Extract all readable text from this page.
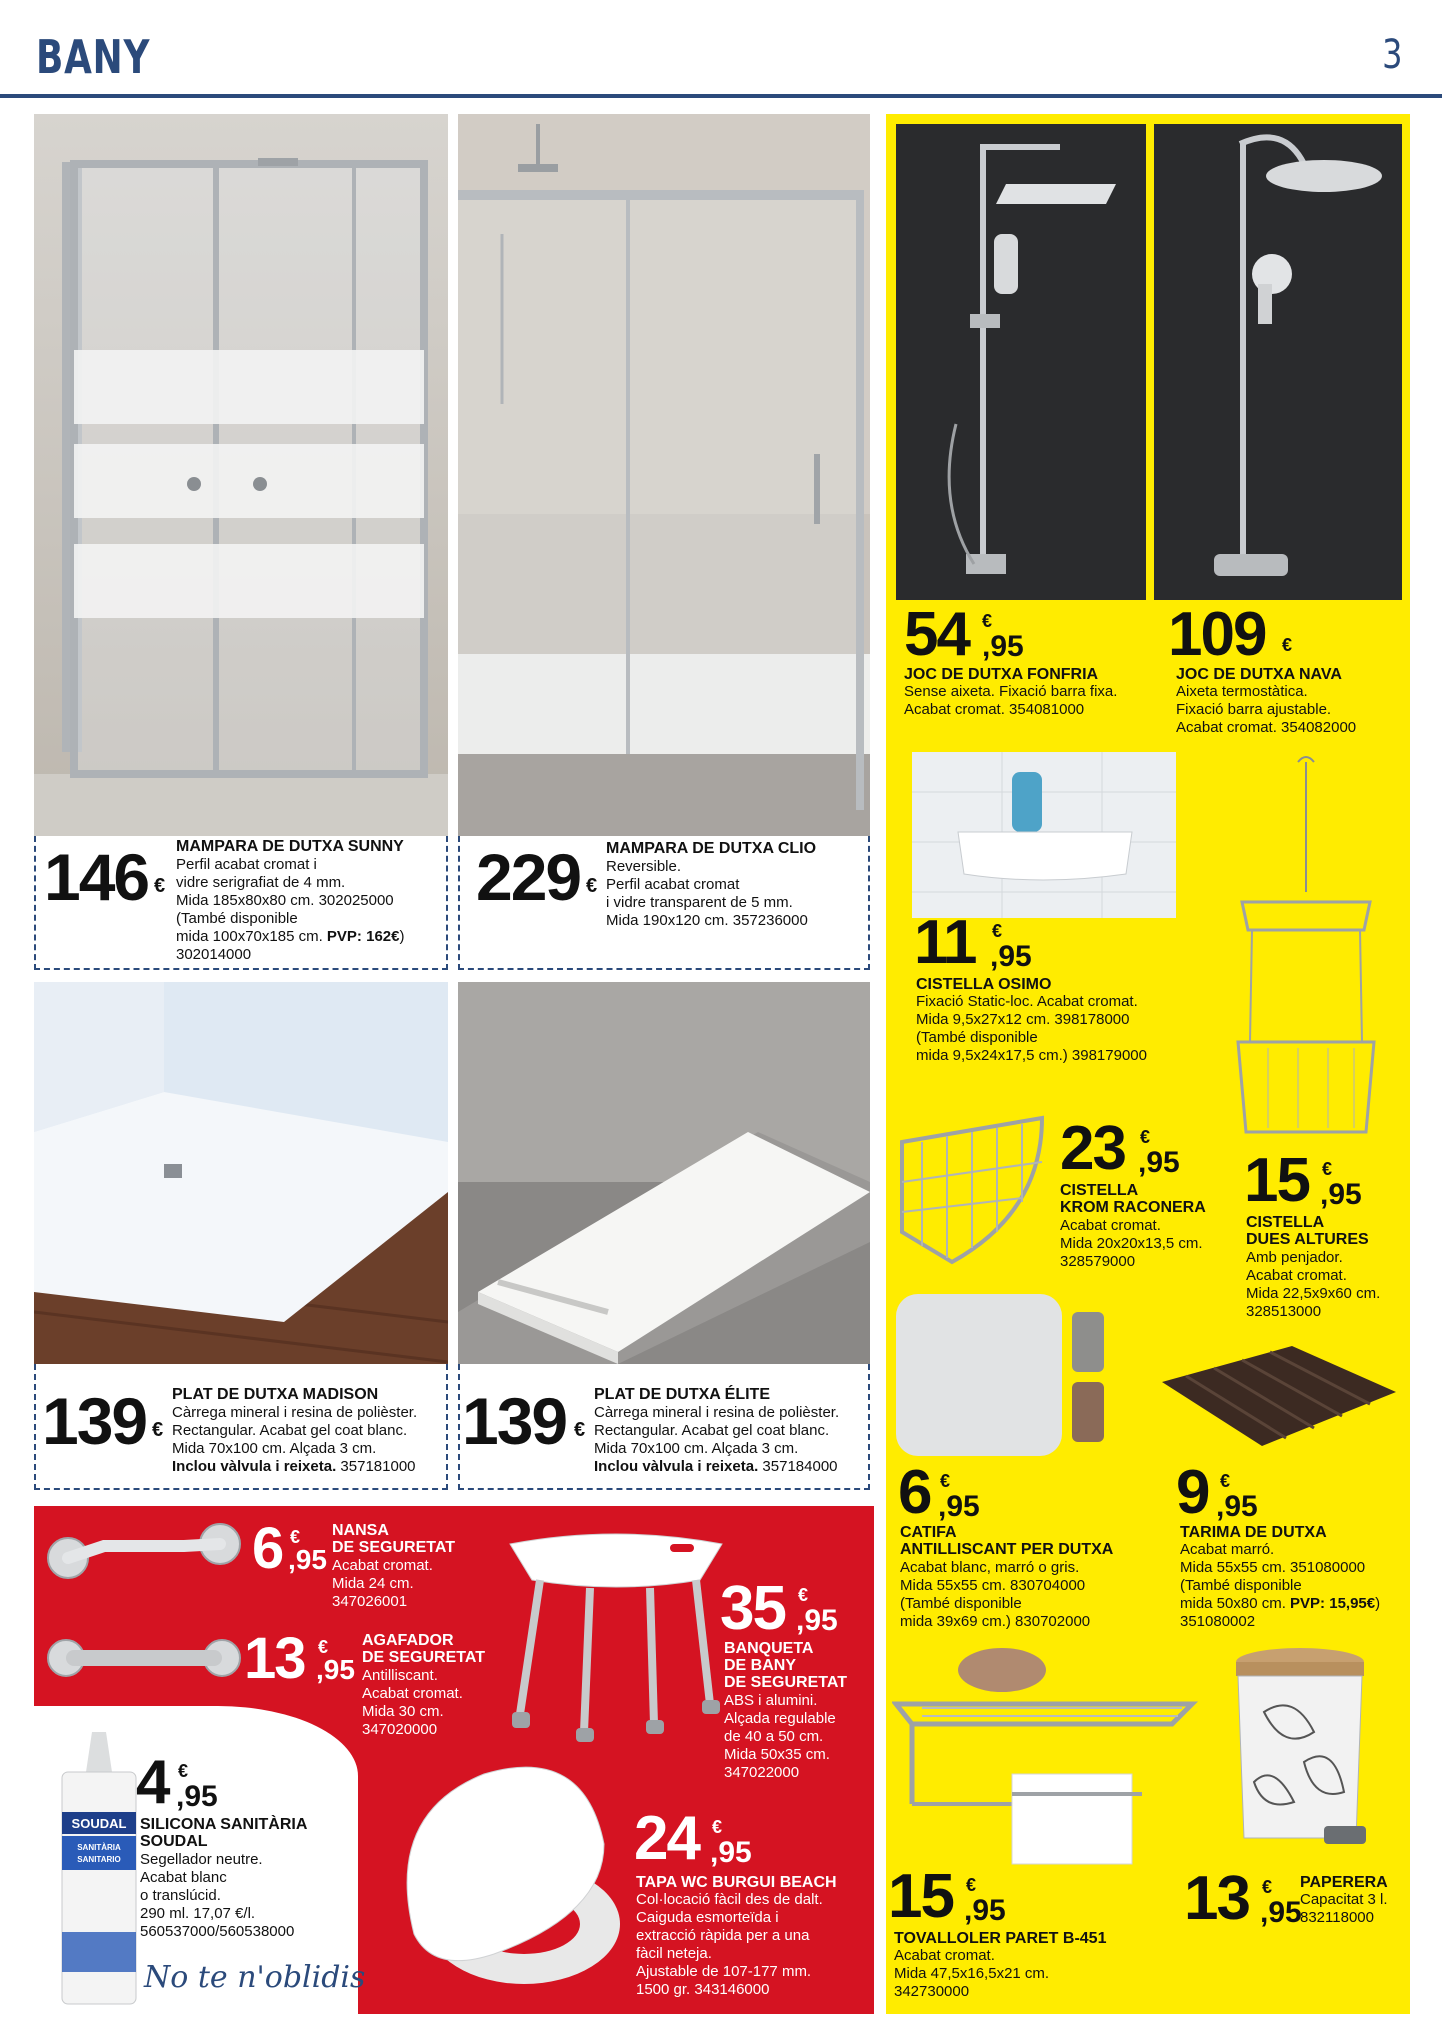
BANY	3
146 €
MAMPARA DE DUTXA SUNNY
Perfil acabat cromat i
vidre serigrafiat de 4 mm.
Mida 185x80x80 cm. 302025000
(També disponible
mida 100x70x185 cm. PVP: 162€)
302014000
229 €
MAMPARA DE DUTXA CLIO
Reversible.
Perfil acabat cromat
i vidre transparent de 5 mm.
Mida 190x120 cm. 357236000
139 €
PLAT DE DUTXA MADISON
Càrrega mineral i resina de polièster.
Rectangular. Acabat gel coat blanc.
Mida 70x100 cm. Alçada 3 cm.
Inclou vàlvula i reixeta. 357181000
139 €
PLAT DE DUTXA ÉLITE
Càrrega mineral i resina de polièster.
Rectangular. Acabat gel coat blanc.
Mida 70x100 cm. Alçada 3 cm.
Inclou vàlvula i reixeta. 357184000
54 €
,95
JOC DE DUTXA FONFRIA
Sense aixeta. Fixació barra fixa.
Acabat cromat. 354081000
109 €
JOC DE DUTXA NAVA
Aixeta termostàtica.
Fixació barra ajustable.
Acabat cromat. 354082000
11 €
,95
CISTELLA OSIMO
Fixació Static-loc. Acabat cromat.
Mida 9,5x27x12 cm. 398178000
(També disponible
mida 9,5x24x17,5 cm.) 398179000
23 €
,95
CISTELLA
KROM RACONERA
Acabat cromat.
Mida 20x20x13,5 cm.
328579000
15 €
,95
CISTELLA
DUES ALTURES
Amb penjador.
Acabat cromat.
Mida 22,5x9x60 cm.
328513000
6 €
,95
CATIFA
ANTILLISCANT PER DUTXA
Acabat blanc, marró o gris.
Mida 55x55 cm. 830704000
(També disponible
mida 39x69 cm.) 830702000
9 €
,95
TARIMA DE DUTXA
Acabat marró.
Mida 55x55 cm. 351080000
(També disponible
mida 50x80 cm. PVP: 15,95€)
351080002
15 €
,95
TOVALLOLER PARET B-451
Acabat cromat.
Mida 47,5x16,5x21 cm.
342730000
13 €
,95
PAPERERA
Capacitat 3 l.
832118000
6 €
,95
NANSA
DE SEGURETAT
Acabat cromat.
Mida 24 cm.
347026001
13 €
,95
AGAFADOR
DE SEGURETAT
Antilliscant.
Acabat cromat.
Mida 30 cm.
347020000
35 €
,95
BANQUETA
DE BANY
DE SEGURETAT
ABS i alumini.
Alçada regulable
de 40 a 50 cm.
Mida 50x35 cm.
347022000
SOUDAL
SANITÀRIA
SANITARIO
4 €
,95
SILICONA SANITÀRIA
SOUDAL
Segellador neutre.
Acabat blanc
o translúcid.
290 ml. 17,07 €/l.
560537000/560538000
No te n'oblidis
24 €
,95
TAPA WC BURGUI BEACH
Col·locació fàcil des de dalt.
Caiguda esmorteïda i
extracció ràpida per a una
fàcil neteja.
Ajustable de 107-177 mm.
1500 gr. 343146000
